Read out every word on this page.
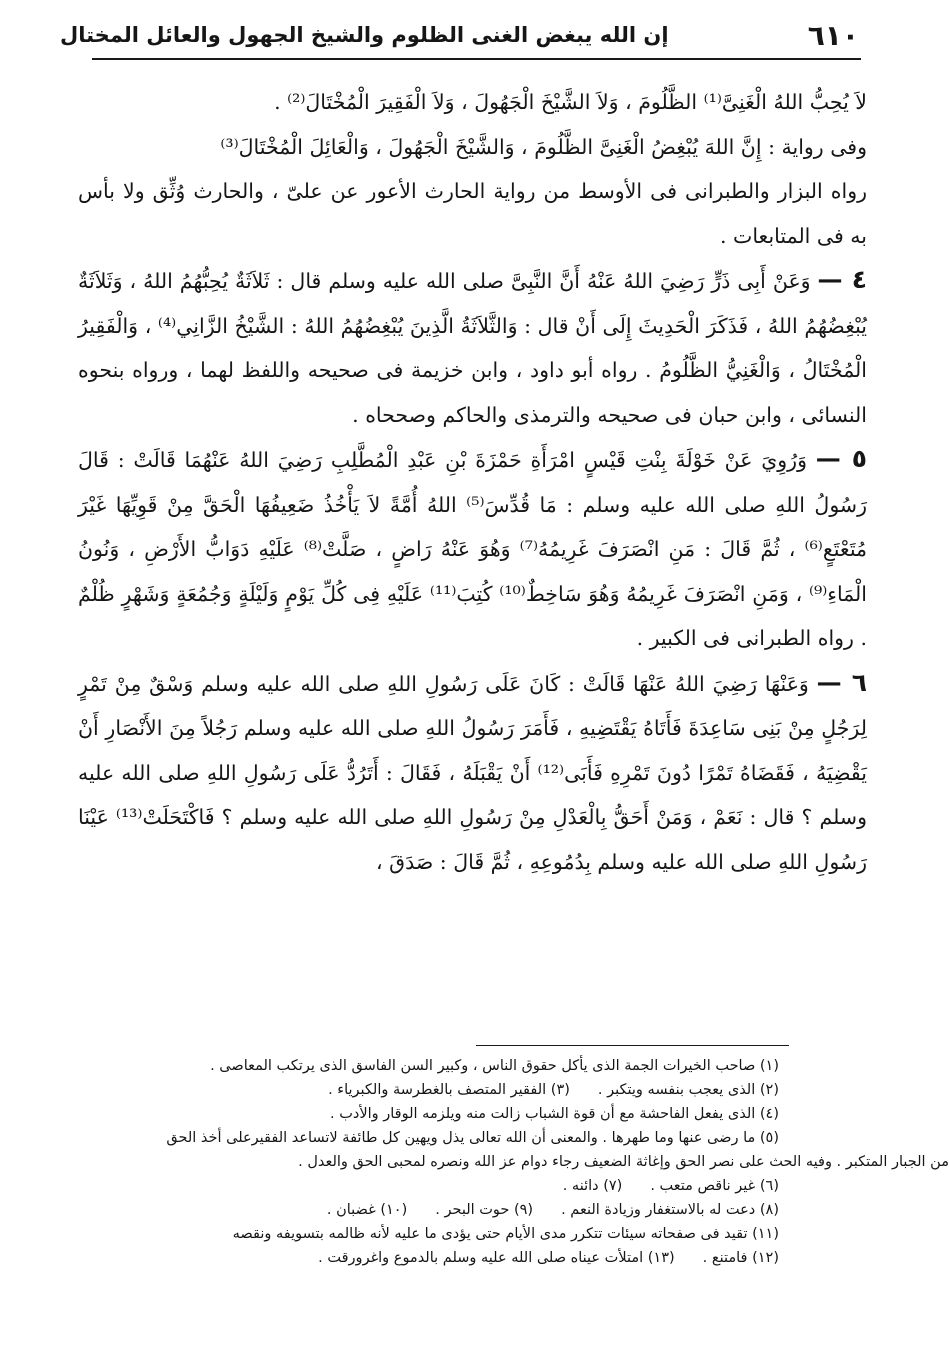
٦١٠
إن الله يبغض الغنى الظلوم والشيخ الجهول والعائل المختال

لاَ يُحِبُّ اللهُ الْغَنِىَّ⁽¹⁾ الظَّلُومَ ، وَلاَ الشَّيْخَ الْجَهُولَ ، وَلاَ الْفَقِيرَ الْمُخْتَالَ⁽²⁾ .

وفى رواية : إِنَّ اللهَ يُبْغِضُ الْغَنِىَّ الظَّلُومَ ، وَالشَّيْخَ الْجَهُولَ ، وَالْعَائِلَ الْمُخْتَالَ⁽³⁾

رواه البزار والطبرانى فى الأوسط من رواية الحارث الأعور عن علىّ ، والحارث وُثِّق ولا بأس به فى المتابعات .

٤ — وَعَنْ أَبِى ذَرٍّ رَضِيَ اللهُ عَنْهُ أَنَّ النَّبِىَّ صلى الله عليه وسلم قال : ثَلاَثَةٌ يُحِبُّهُمُ اللهُ ، وَثَلاَثَةٌ يُبْغِضُهُمُ اللهُ ، فَذَكَرَ الْحَدِيثَ إِلَى أَنْ قال : وَالثَّلاَثَةُ الَّذِينَ يُبْغِضُهُمُ اللهُ : الشَّيْخُ الزَّانِي⁽⁴⁾ ، وَالْفَقِيرُ الْمُخْتَالُ ، وَالْغَنِيُّ الظَّلُومُ . رواه أبو داود ، وابن خزيمة فى صحيحه واللفظ لهما ، ورواه بنحوه النسائى ، وابن حبان فى صحيحه والترمذى والحاكم وصححاه .

٥ — وَرُوِيَ عَنْ خَوْلَةَ بِنْتِ قَيْسٍ امْرَأَةِ حَمْزَةَ بْنِ عَبْدِ الْمُطَّلِبِ رَضِيَ اللهُ عَنْهُمَا قَالَتْ : قَالَ رَسُولُ اللهِ صلى الله عليه وسلم : مَا قُدِّسَ⁽⁵⁾ اللهُ أُمَّةً لاَ يَأْخُذُ ضَعِيفُهَا الْحَقَّ مِنْ قَوِيِّهَا غَيْرَ مُتَعْتَعٍ⁽⁶⁾ ، ثُمَّ قَالَ : مَنِ انْصَرَفَ غَرِيمُهُ⁽⁷⁾ وَهُوَ عَنْهُ رَاضٍ ، صَلَّتْ⁽⁸⁾ عَلَيْهِ دَوَابُّ الأَرْضِ ، وَنُونُ الْمَاءِ⁽⁹⁾ ، وَمَنِ انْصَرَفَ غَرِيمُهُ وَهُوَ سَاخِطٌ⁽¹⁰⁾ كُتِبَ⁽¹¹⁾ عَلَيْهِ فِى كُلِّ يَوْمٍ وَلَيْلَةٍ وَجُمُعَةٍ وَشَهْرٍ ظُلْمٌ . رواه الطبرانى فى الكبير .

٦ — وَعَنْهَا رَضِيَ اللهُ عَنْهَا قَالَتْ : كَانَ عَلَى رَسُولِ اللهِ صلى الله عليه وسلم وَسْقٌ مِنْ تَمْرٍ لِرَجُلٍ مِنْ بَنِى سَاعِدَةَ فَأَتَاهُ يَقْتَضِيهِ ، فَأَمَرَ رَسُولُ اللهِ صلى الله عليه وسلم رَجُلاً مِنَ الأَنْصَارِ أَنْ يَقْضِيَهُ ، فَقَضَاهُ تَمْرًا دُونَ تَمْرِهِ فَأَبَى⁽¹²⁾ أَنْ يَقْبَلَهُ ، فَقَالَ : أَتَرُدُّ عَلَى رَسُولِ اللهِ صلى الله عليه وسلم ؟ قال : نَعَمْ ، وَمَنْ أَحَقُّ بِالْعَدْلِ مِنْ رَسُولِ اللهِ صلى الله عليه وسلم ؟ فَاكْتَحَلَتْ⁽¹³⁾ عَيْنَا رَسُولِ اللهِ صلى الله عليه وسلم بِدُمُوعِهِ ، ثُمَّ قَالَ : صَدَقَ ،

(١) صاحب الخيرات الجمة الذى يأكل حقوق الناس ، وكبير السن الفاسق الذى يرتكب المعاصى .

(٢) الذى يعجب بنفسه ويتكبر .(٣) الفقير المتصف بالغطرسة والكبرياء .

(٤) الذى يفعل الفاحشة مع أن قوة الشباب زالت منه ويلزمه الوقار والأدب .

(٥) ما رضى عنها وما طهرها . والمعنى أن الله تعالى يذل ويهين كل طائفة لاتساعد الفقيرعلى أخذ الحق

من الجبار المتكبر . وفيه الحث على نصر الحق وإغاثة الضعيف رجاء دوام عز الله ونصره لمحبى الحق والعدل .

(٦) غير ناقص متعب .(٧) دائنه .

(٨) دعت له بالاستغفار وزيادة النعم .(٩) حوت البحر .(١٠) غضبان .

(١١) تقيد فى صفحاته سيئات تتكرر مدى الأيام حتى يؤدى ما عليه لأنه ظالمه بتسويفه ونقصه

(١٢) فامتنع .(١٣) امتلأت عيناه صلى الله عليه وسلم بالدموع واغرورقت .
